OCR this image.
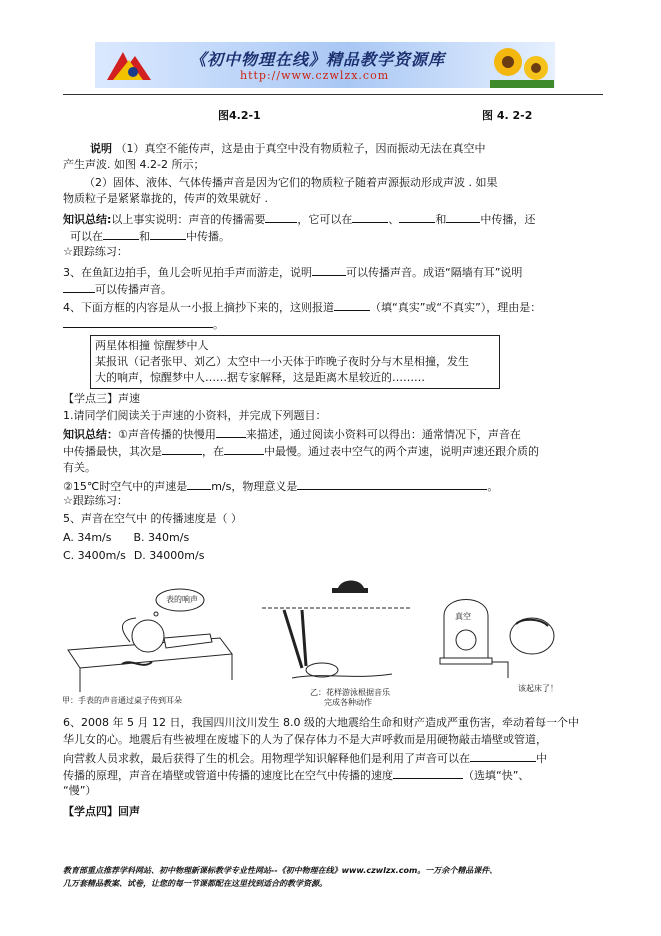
《初中物理在线》精品教学资源库
http://www.czwlzx.com
图4.2-1	图 4. 2-2
说明 （1）真空不能传声，这是由于真空中没有物质粒子，因而振动无法在真空中
产生声波. 如图 4.2-2 所示；
（2）固体、液体、气体传播声音是因为它们的物质粒子随着声源振动形成声波 . 如果
物质粒子是紧紧靠拢的，传声的效果就好 .
知识总结:以上事实说明：声音的传播需要	，它可以在	、	和	中传播，还
可以在	和	中传播。
☆跟踪练习：
3、在鱼缸边拍手，鱼儿会听见拍手声而游走，说明	可以传播声音。成语“隔墙有耳”说明
可以传播声音。
4、下面方框的内容是从一小报上摘抄下来的，这则报道	（填“真实”或“不真实”），理由是：
。
两星体相撞 惊醒梦中人
某报讯（记者张甲、刘乙）太空中一小天体于昨晚子夜时分与木星相撞，发生
大的响声，惊醒梦中人……据专家解释，这是距离木星较近的………
【学点三】声速
1.请同学们阅读关于声速的小资料，并完成下列题目：
知识总结：①声音传播的快慢用	来描述，通过阅读小资料可以得出：通常情况下，声音在
中传播最快，其次是	，在	中最慢。通过表中空气的两个声速，说明声速还跟介质的
有关。
②15℃时空气中的声速是 m/s，物理意义是	。
☆跟踪练习：
5、声音在空气中 的传播速度是（ ）
A. 34m/s B. 340m/s
C. 3400m/s D. 34000m/s
表的响声
甲：手表的声音通过桌子传到耳朵
乙：花样游泳根据音乐
完成各种动作
真空
该起床了！
6、2008 年 5 月 12 日，我国四川汶川发生 8.0 级的大地震给生命和财产造成严重伤害，牵动着每一个中
华儿女的心。地震后有些被埋在废墟下的人为了保存体力不是大声呼救而是用硬物敲击墙壁或管道，
向营救人员求救，最后获得了生的机会。用物理学知识解释他们是利用了声音可以在	中
传播的原理，声音在墙壁或管道中传播的速度比在空气中传播的速度	（选填“快”、
“慢”）
【学点四】回声
教育部重点推荐学科网站、初中物理新课标教学专业性网站--《初中物理在线》www.czwlzx.com。一万余个精品课件、
几万套精品教案、试卷，让您的每一节课都配在这里找到适合的教学资源。
